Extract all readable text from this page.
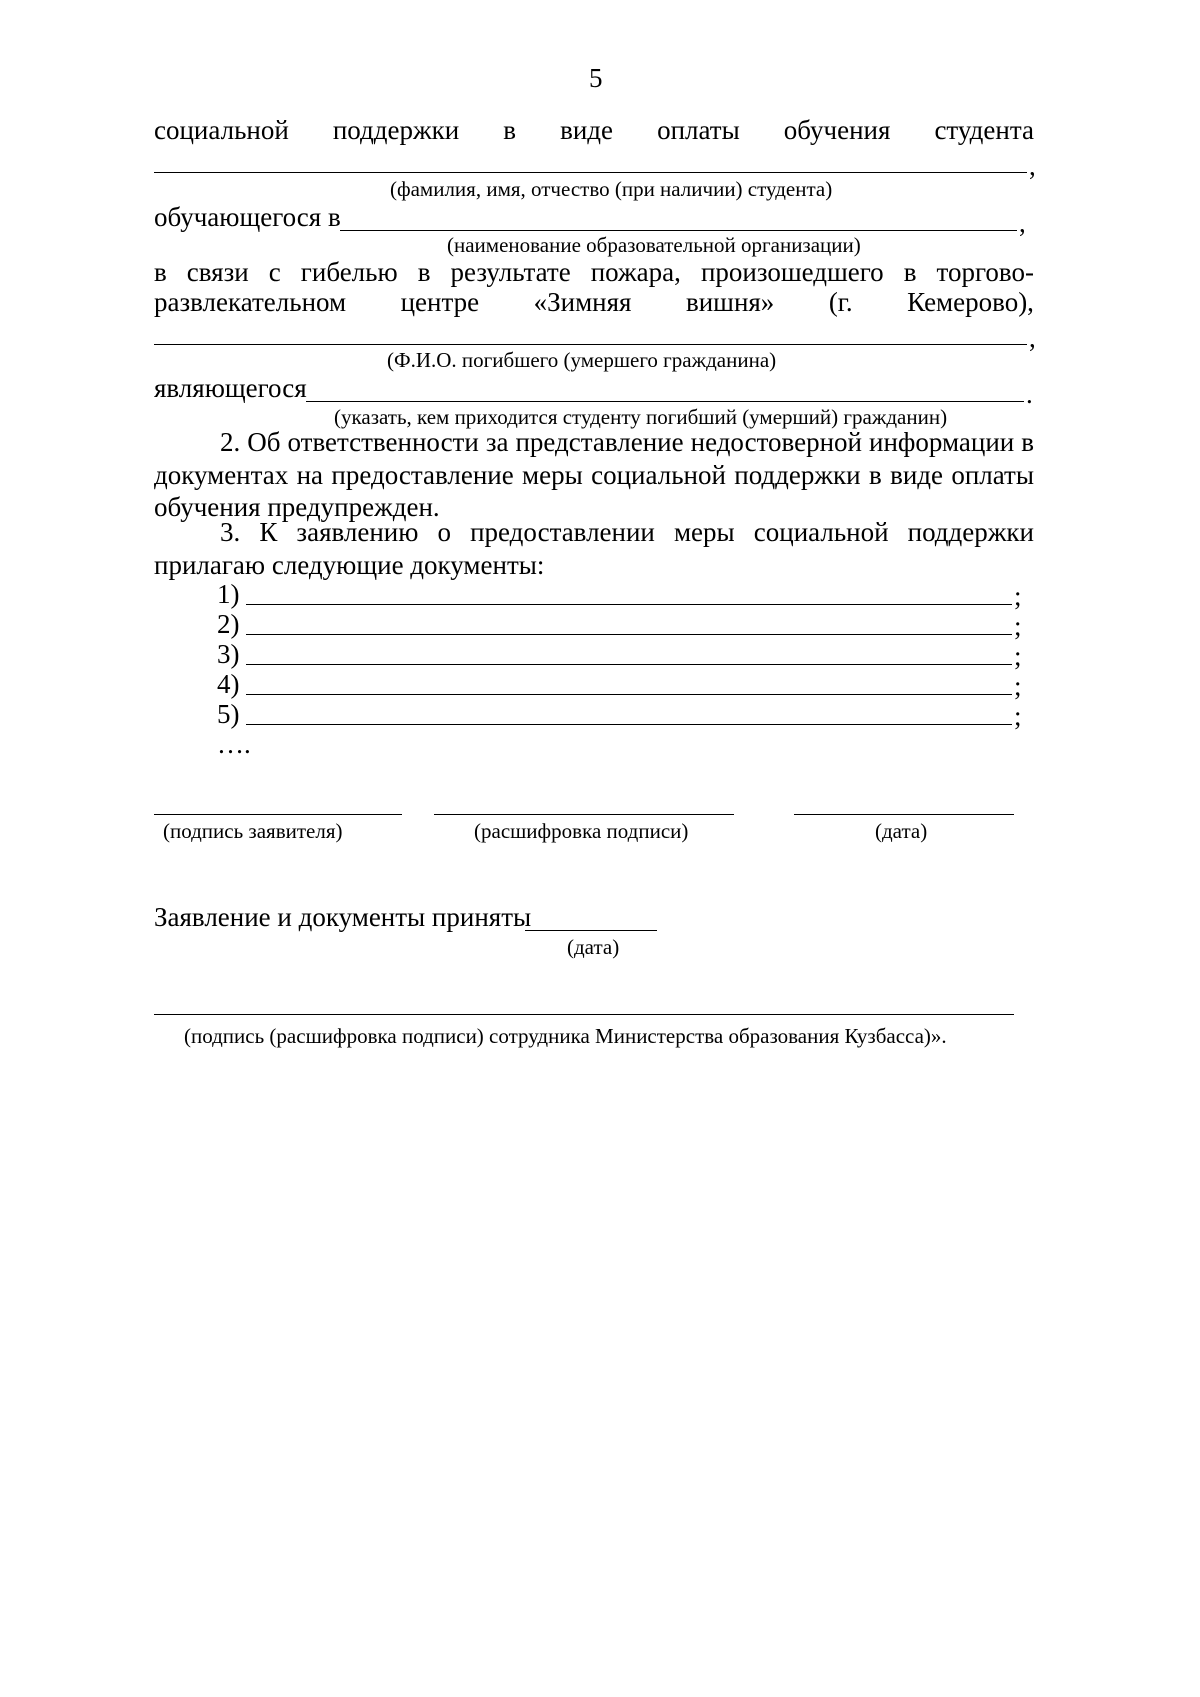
5
социальной поддержки в виде оплаты обучения студента
,
(фамилия, имя, отчество (при наличии) студента)
обучающегося в	,
(наименование образовательной организации)
в связи с гибелью в результате пожара, произошедшего в торгово-
развлекательном центре «Зимняя вишня» (г. Кемерово),
,
(Ф.И.О. погибшего (умершего гражданина)
являющегося	.
(указать, кем приходится студенту погибший (умерший) гражданин)
2. Об ответственности за представление недостоверной информации в документах на предоставление меры социальной поддержки в виде оплаты обучения предупрежден.
3. К заявлению о предоставлении меры социальной поддержки прилагаю следующие документы:
1)	;
2)	;
3)	;
4)	;
5)	;
….
(подпись заявителя)	(расшифровка подписи)	(дата)
Заявление и документы приняты
(дата)
(подпись (расшифровка подписи) сотрудника Министерства образования Кузбасса)».
